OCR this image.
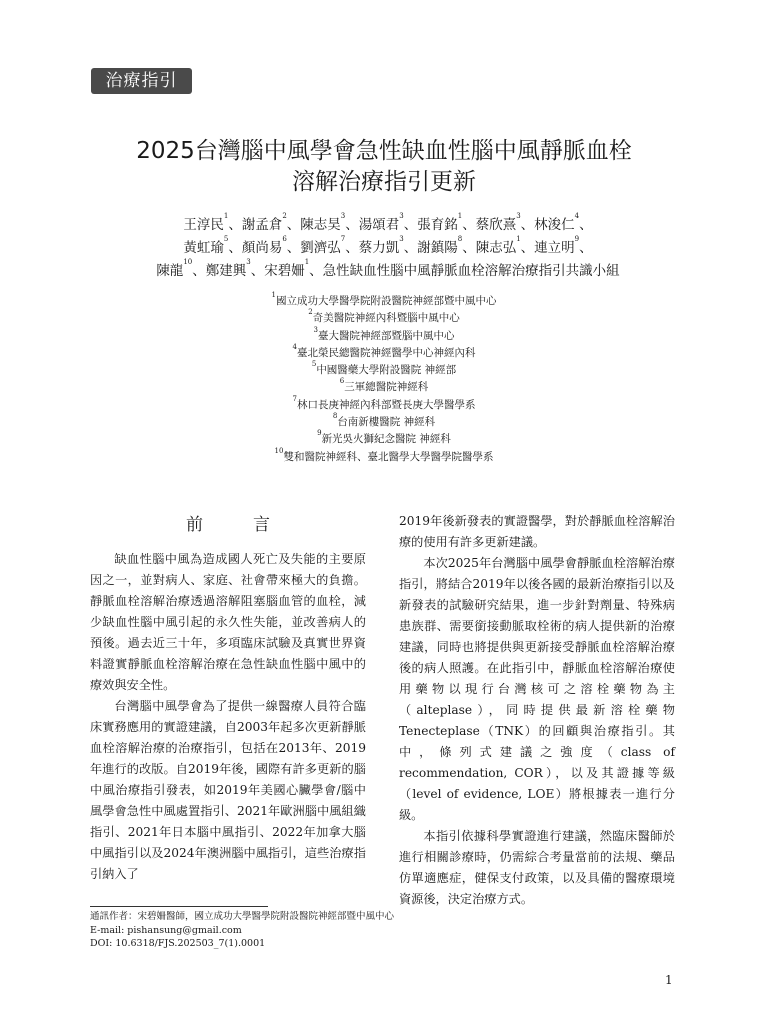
治療指引
2025台灣腦中風學會急性缺血性腦中風靜脈血栓
溶解治療指引更新
王淳民$^1$、謝孟倉$^2$、陳志昊$^3$、湯頌君$^3$、張育銘$^1$、蔡欣熹$^3$、林浚仁$^4$、
黃虹瑜$^5$、顏尚易$^6$、劉濟弘$^7$、蔡力凱$^3$、謝鎮陽$^8$、陳志弘$^1$、連立明$^9$、
陳龍$^{10}$、鄭建興$^3$、宋碧姍$^1$、急性缺血性腦中風靜脈血栓溶解治療指引共識小組
$^1$國立成功大學醫學院附設醫院神經部暨中風中心
$^2$奇美醫院神經內科暨腦中風中心
$^3$臺大醫院神經部暨腦中風中心
$^4$臺北榮民總醫院神經醫學中心神經內科
$^5$中國醫藥大學附設醫院 神經部
$^6$三軍總醫院神經科
$^7$林口長庚神經內科部暨長庚大學醫學系
$^8$台南新樓醫院 神經科
$^9$新光吳火獅紀念醫院 神經科
$^{10}$雙和醫院神經科、臺北醫學大學醫學院醫學系
前言

缺血性腦中風為造成國人死亡及失能的主要原因之一，並對病人、家庭、社會帶來極大的負擔。靜脈血栓溶解治療透過溶解阻塞腦血管的血栓，減少缺血性腦中風引起的永久性失能，並改善病人的預後。過去近三十年，多項臨床試驗及真實世界資料證實靜脈血栓溶解治療在急性缺血性腦中風中的療效與安全性。

台灣腦中風學會為了提供一線醫療人員符合臨床實務應用的實證建議，自2003年起多次更新靜脈血栓溶解治療的治療指引，包括在2013年、2019年進行的改版。自2019年後，國際有許多更新的腦中風治療指引發表，如2019年美國心臟學會/腦中風學會急性中風處置指引、2021年歐洲腦中風組織指引、2021年日本腦中風指引、2022年加拿大腦中風指引以及2024年澳洲腦中風指引，這些治療指引納入了

2019年後新發表的實證醫學，對於靜脈血栓溶解治療的使用有許多更新建議。

本次2025年台灣腦中風學會靜脈血栓溶解治療指引，將結合2019年以後各國的最新治療指引以及新發表的試驗研究結果，進一步針對劑量、特殊病患族群、需要銜接動脈取栓術的病人提供新的治療建議，同時也將提供與更新接受靜脈血栓溶解治療後的病人照護。在此指引中，靜脈血栓溶解治療使用藥物以現行台灣核可之溶栓藥物為主（alteplase），同時提供最新溶栓藥物Tenecteplase（TNK）的回顧與治療指引。其中，條列式建議之強度（class of recommendation, COR），以及其證據等級（level of evidence, LOE）將根據表一進行分級。

本指引依據科學實證進行建議，然臨床醫師於進行相關診療時，仍需綜合考量當前的法規、藥品仿單適應症，健保支付政策，以及具備的醫療環境資源後，決定治療方式。

通訊作者：宋碧姍醫師，國立成功大學醫學院附設醫院神經部暨中風中心
E-mail: pishansung@gmail.com
DOI: 10.6318/FJS.202503_7(1).0001
1
